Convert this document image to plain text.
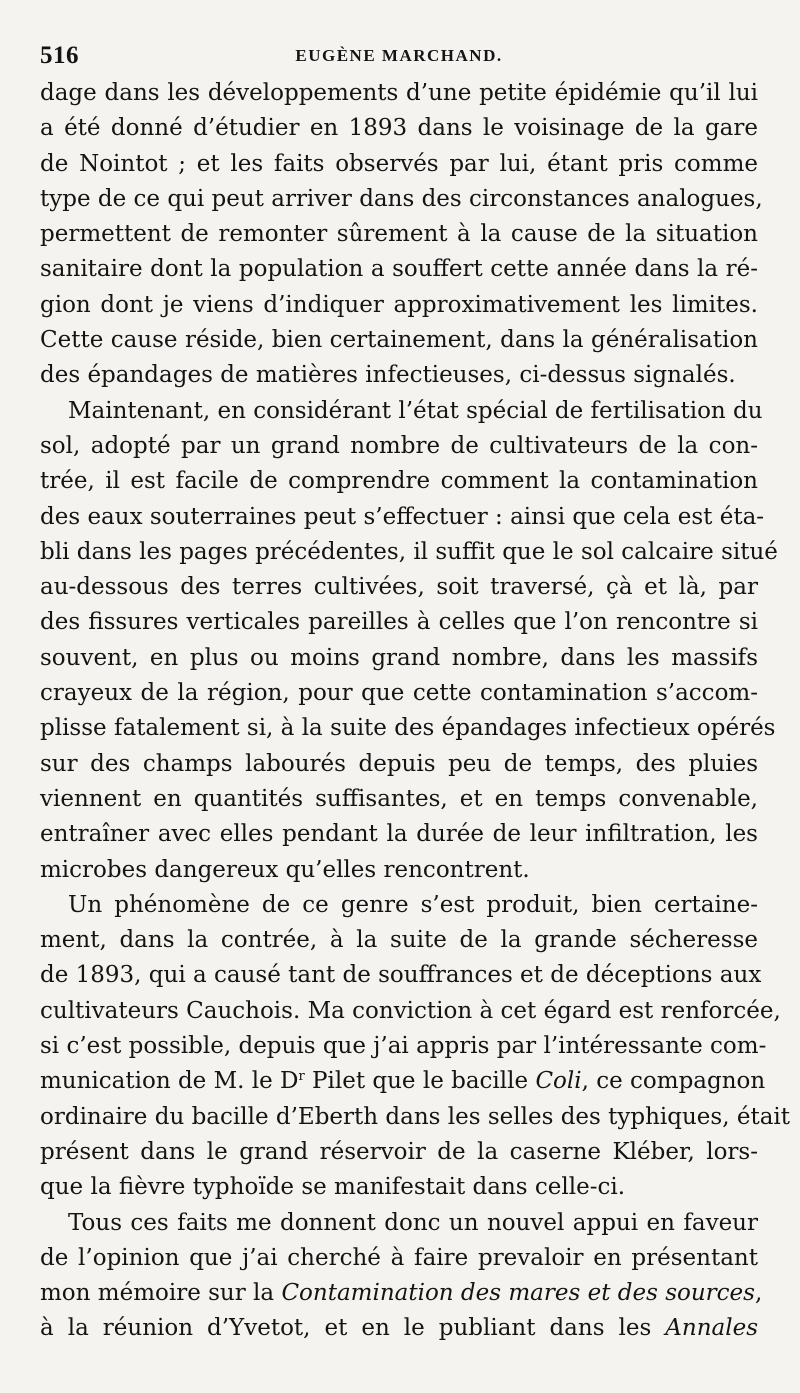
516	EUGÈNE MARCHAND.

dage dans les développements d’une petite épidémie qu’il lui
a été donné d’étudier en 1893 dans le voisinage de la gare
de Nointot ; et les faits observés par lui, étant pris comme
type de ce qui peut arriver dans des circonstances analogues,
permettent de remonter sûrement à la cause de la situation
sanitaire dont la population a souffert cette année dans la ré-
gion dont je viens d’indiquer approximativement les limites.
Cette cause réside, bien certainement, dans la généralisation
des épandages de matières infectieuses, ci-dessus signalés.

Maintenant, en considérant l’état spécial de fertilisation du
sol, adopté par un grand nombre de cultivateurs de la con-
trée, il est facile de comprendre comment la contamination
des eaux souterraines peut s’effectuer : ainsi que cela est éta-
bli dans les pages précédentes, il suffit que le sol calcaire situé
au-dessous des terres cultivées, soit traversé, çà et là, par
des fissures verticales pareilles à celles que l’on rencontre si
souvent, en plus ou moins grand nombre, dans les massifs
crayeux de la région, pour que cette contamination s’accom-
plisse fatalement si, à la suite des épandages infectieux opérés
sur des champs labourés depuis peu de temps, des pluies
viennent en quantités suffisantes, et en temps convenable,
entraîner avec elles pendant la durée de leur infiltration, les
microbes dangereux qu’elles rencontrent.

Un phénomène de ce genre s’est produit, bien certaine-
ment, dans la contrée, à la suite de la grande sécheresse
de 1893, qui a causé tant de souffrances et de déceptions aux
cultivateurs Cauchois. Ma conviction à cet égard est renforcée,
si c’est possible, depuis que j’ai appris par l’intéressante com-
munication de M. le $D^r$ Pilet que le bacille Coli, ce compagnon
ordinaire du bacille d’Eberth dans les selles des typhiques, était
présent dans le grand réservoir de la caserne Kléber, lors-
que la fièvre typhoïde se manifestait dans celle-ci.

Tous ces faits me donnent donc un nouvel appui en faveur
de l’opinion que j’ai cherché à faire prevaloir en présentant
mon mémoire sur la Contamination des mares et des sources,
à la réunion d’Yvetot, et en le publiant dans les Annales
